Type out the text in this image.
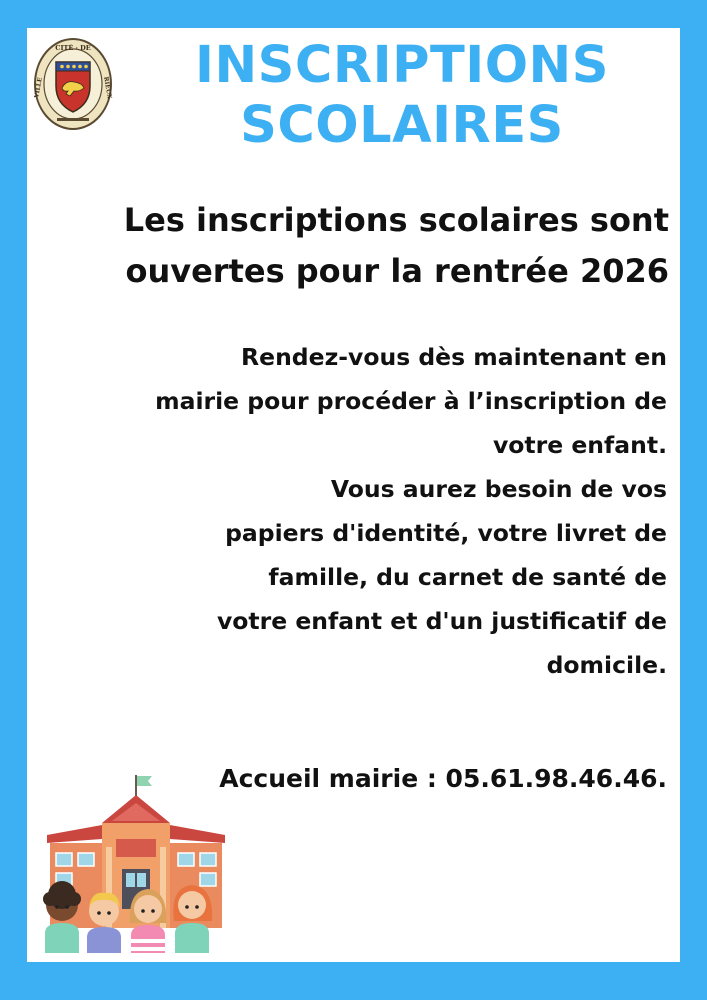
CITÉ · DE
VILLE	RIEUX	INSCRIPTIONS
SCOLAIRES
Les inscriptions scolaires sont
ouvertes pour la rentrée 2026

Rendez-vous dès maintenant en
mairie pour procéder à l’inscription de
votre enfant.
Vous aurez besoin de vos
papiers d'identité, votre livret de
famille, du carnet de santé de
votre enfant et d'un justificatif de
domicile.

Accueil mairie : 05.61.98.46.46.
